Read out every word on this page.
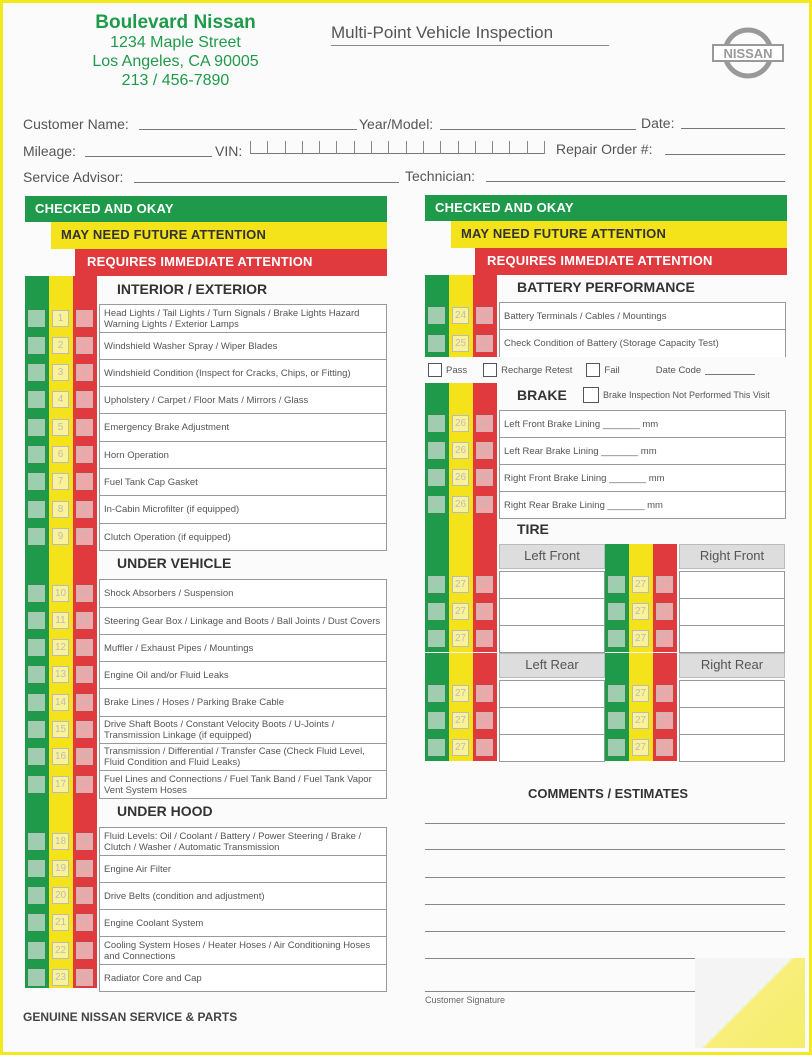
Boulevard Nissan
1234 Maple Street
Los Angeles, CA 90005
213 / 456-7890
Multi-Point Vehicle Inspection
NISSAN
Customer Name:	Year/Model:	Date:
Mileage:	VIN:	Repair Order #:
Service Advisor:	Technician:
CHECKED AND OKAY
MAY NEED FUTURE ATTENTION
REQUIRES IMMEDIATE ATTENTION
INTERIOR / EXTERIOR
1	1	1	Head Lights / Tail Lights / Turn Signals / Brake Lights Hazard Warning Lights / Exterior Lamps
2	2	2	Windshield Washer Spray / Wiper Blades
3	3	3	Windshield Condition (Inspect for Cracks, Chips, or Fitting)
4	4	4	Upholstery / Carpet / Floor Mats / Mirrors / Glass
5	5	5	Emergency Brake Adjustment
6	6	6	Horn Operation
7	7	7	Fuel Tank Cap Gasket
8	8	8	In-Cabin Microfilter (if equipped)
9	9	9	Clutch Operation (if equipped)
UNDER VEHICLE
10 10 10	Shock Absorbers / Suspension
11	11	11	Steering Gear Box / Linkage and Boots / Ball Joints / Dust Covers
12 12 12	Muffler / Exhaust Pipes / Mountings
13 13 13	Engine Oil and/or Fluid Leaks
14 14 14	Brake Lines / Hoses / Parking Brake Cable
15 15 15	Drive Shaft Boots / Constant Velocity Boots / U-Joints / Transmission Linkage (if equipped)
16 16 16	Transmission / Differential / Transfer Case (Check Fluid Level, Fluid Condition and Fluid Leaks)
17 17 17	Fuel Lines and Connections / Fuel Tank Band / Fuel Tank Vapor Vent System Hoses
UNDER HOOD
18 18 18	Fluid Levels: Oil / Coolant / Battery / Power Steering / Brake / Clutch / Washer / Automatic Transmission
19 19 19	Engine Air Filter
20 20 20	Drive Belts (condition and adjustment)
21 21 21	Engine Coolant System
22 22 22	Cooling System Hoses / Heater Hoses / Air Conditioning Hoses and Connections
23 23 23	Radiator Core and Cap
CHECKED AND OKAY
MAY NEED FUTURE ATTENTION
REQUIRES IMMEDIATE ATTENTION
BATTERY PERFORMANCE
24 24 24	Battery Terminals / Cables / Mountings
25 25 25	Check Condition of Battery (Storage Capacity Test)
Pass	Recharge Retest	Fail	Date Code
BRAKE	Brake Inspection Not Performed This Visit
26 26 26	Left Front Brake Lining _______ mm
26 26 26	Left Rear Brake Lining _______ mm
26 26 26	Right Front Brake Lining _______ mm
26 26 26	Right Rear Brake Lining _______ mm
TIRE
Left Front
27 27 27
27 27 27
27 27 27
Right Front
27 27 27
27 27 27
27 27 27
Left Rear
27 27 27
27 27 27
27 27 27
Right Rear
27 27 27
27 27 27
27 27 27
COMMENTS / ESTIMATES
Customer Signature
GENUINE NISSAN SERVICE & PARTS
